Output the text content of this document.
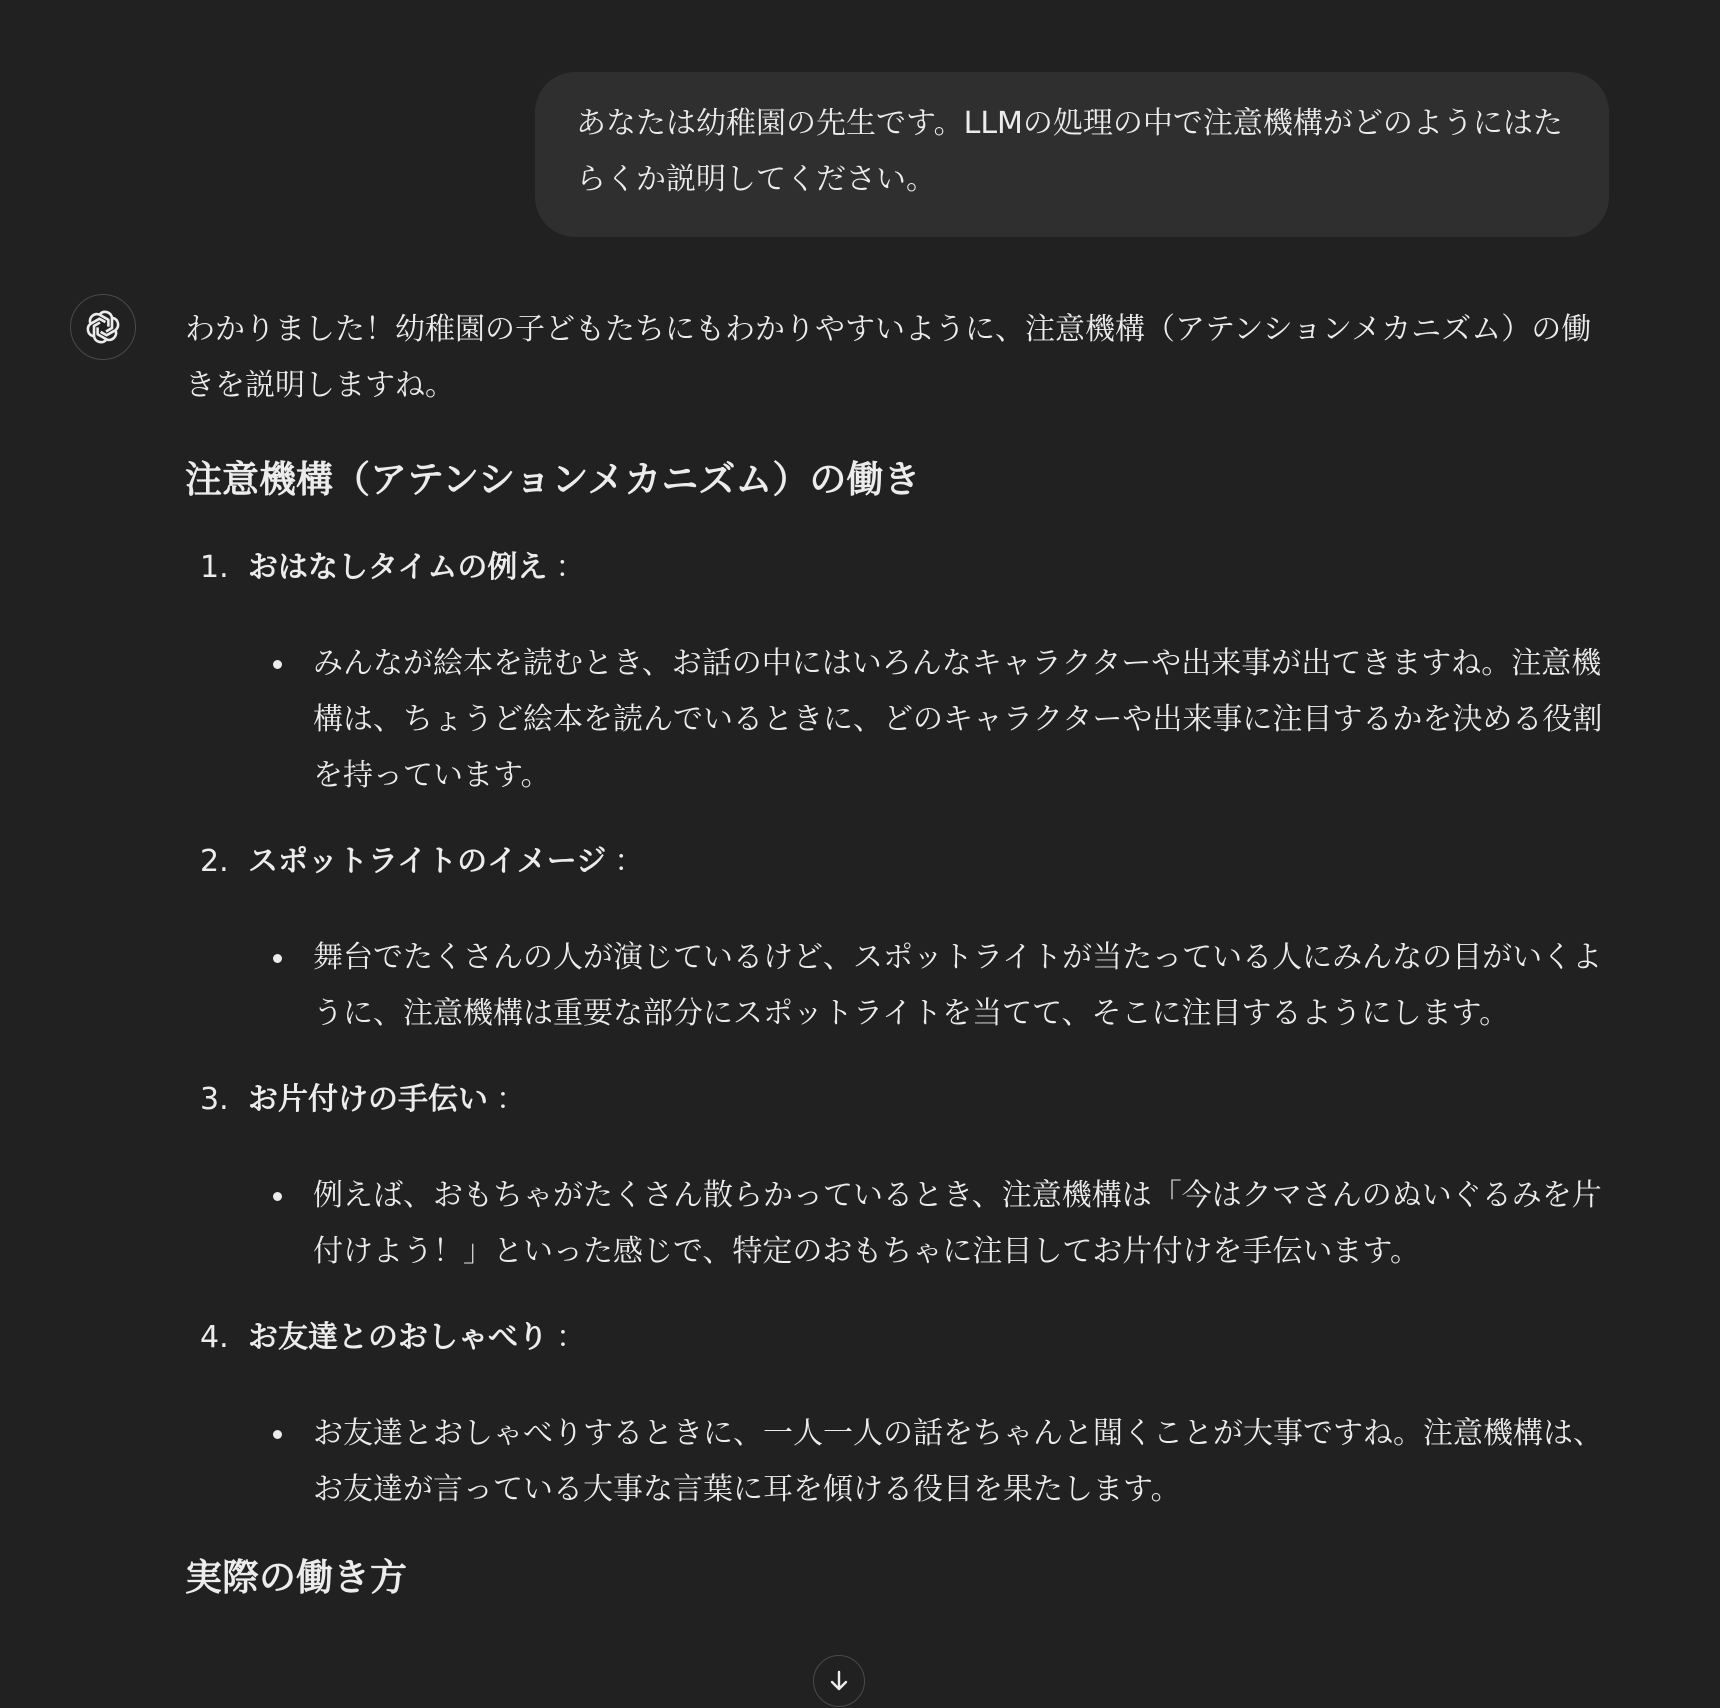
あなたは幼稚園の先生です。LLMの処理の中で注意機構がどのようにはたらくか説明してください。

わかりました！幼稚園の子どもたちにもわかりやすいように、注意機構（アテンションメカニズム）の働きを説明しますね。

注意機構（アテンションメカニズム）の働き
1. おはなしタイムの例え ：
みんなが絵本を読むとき、お話の中にはいろんなキャラクターや出来事が出てきますね。注意機構は、ちょうど絵本を読んでいるときに、どのキャラクターや出来事に注目するかを決める役割を持っています。
2. スポットライトのイメージ ：
舞台でたくさんの人が演じているけど、スポットライトが当たっている人にみんなの目がいくように、注意機構は重要な部分にスポットライトを当てて、そこに注目するようにします。
3. お片付けの手伝い ：
例えば、おもちゃがたくさん散らかっているとき、注意機構は「今はクマさんのぬいぐるみを片付けよう！」といった感じで、特定のおもちゃに注目してお片付けを手伝います。
4. お友達とのおしゃべり ：
お友達とおしゃべりするときに、一人一人の話をちゃんと聞くことが大事ですね。注意機構は、お友達が言っている大事な言葉に耳を傾ける役目を果たします。
実際の働き方
